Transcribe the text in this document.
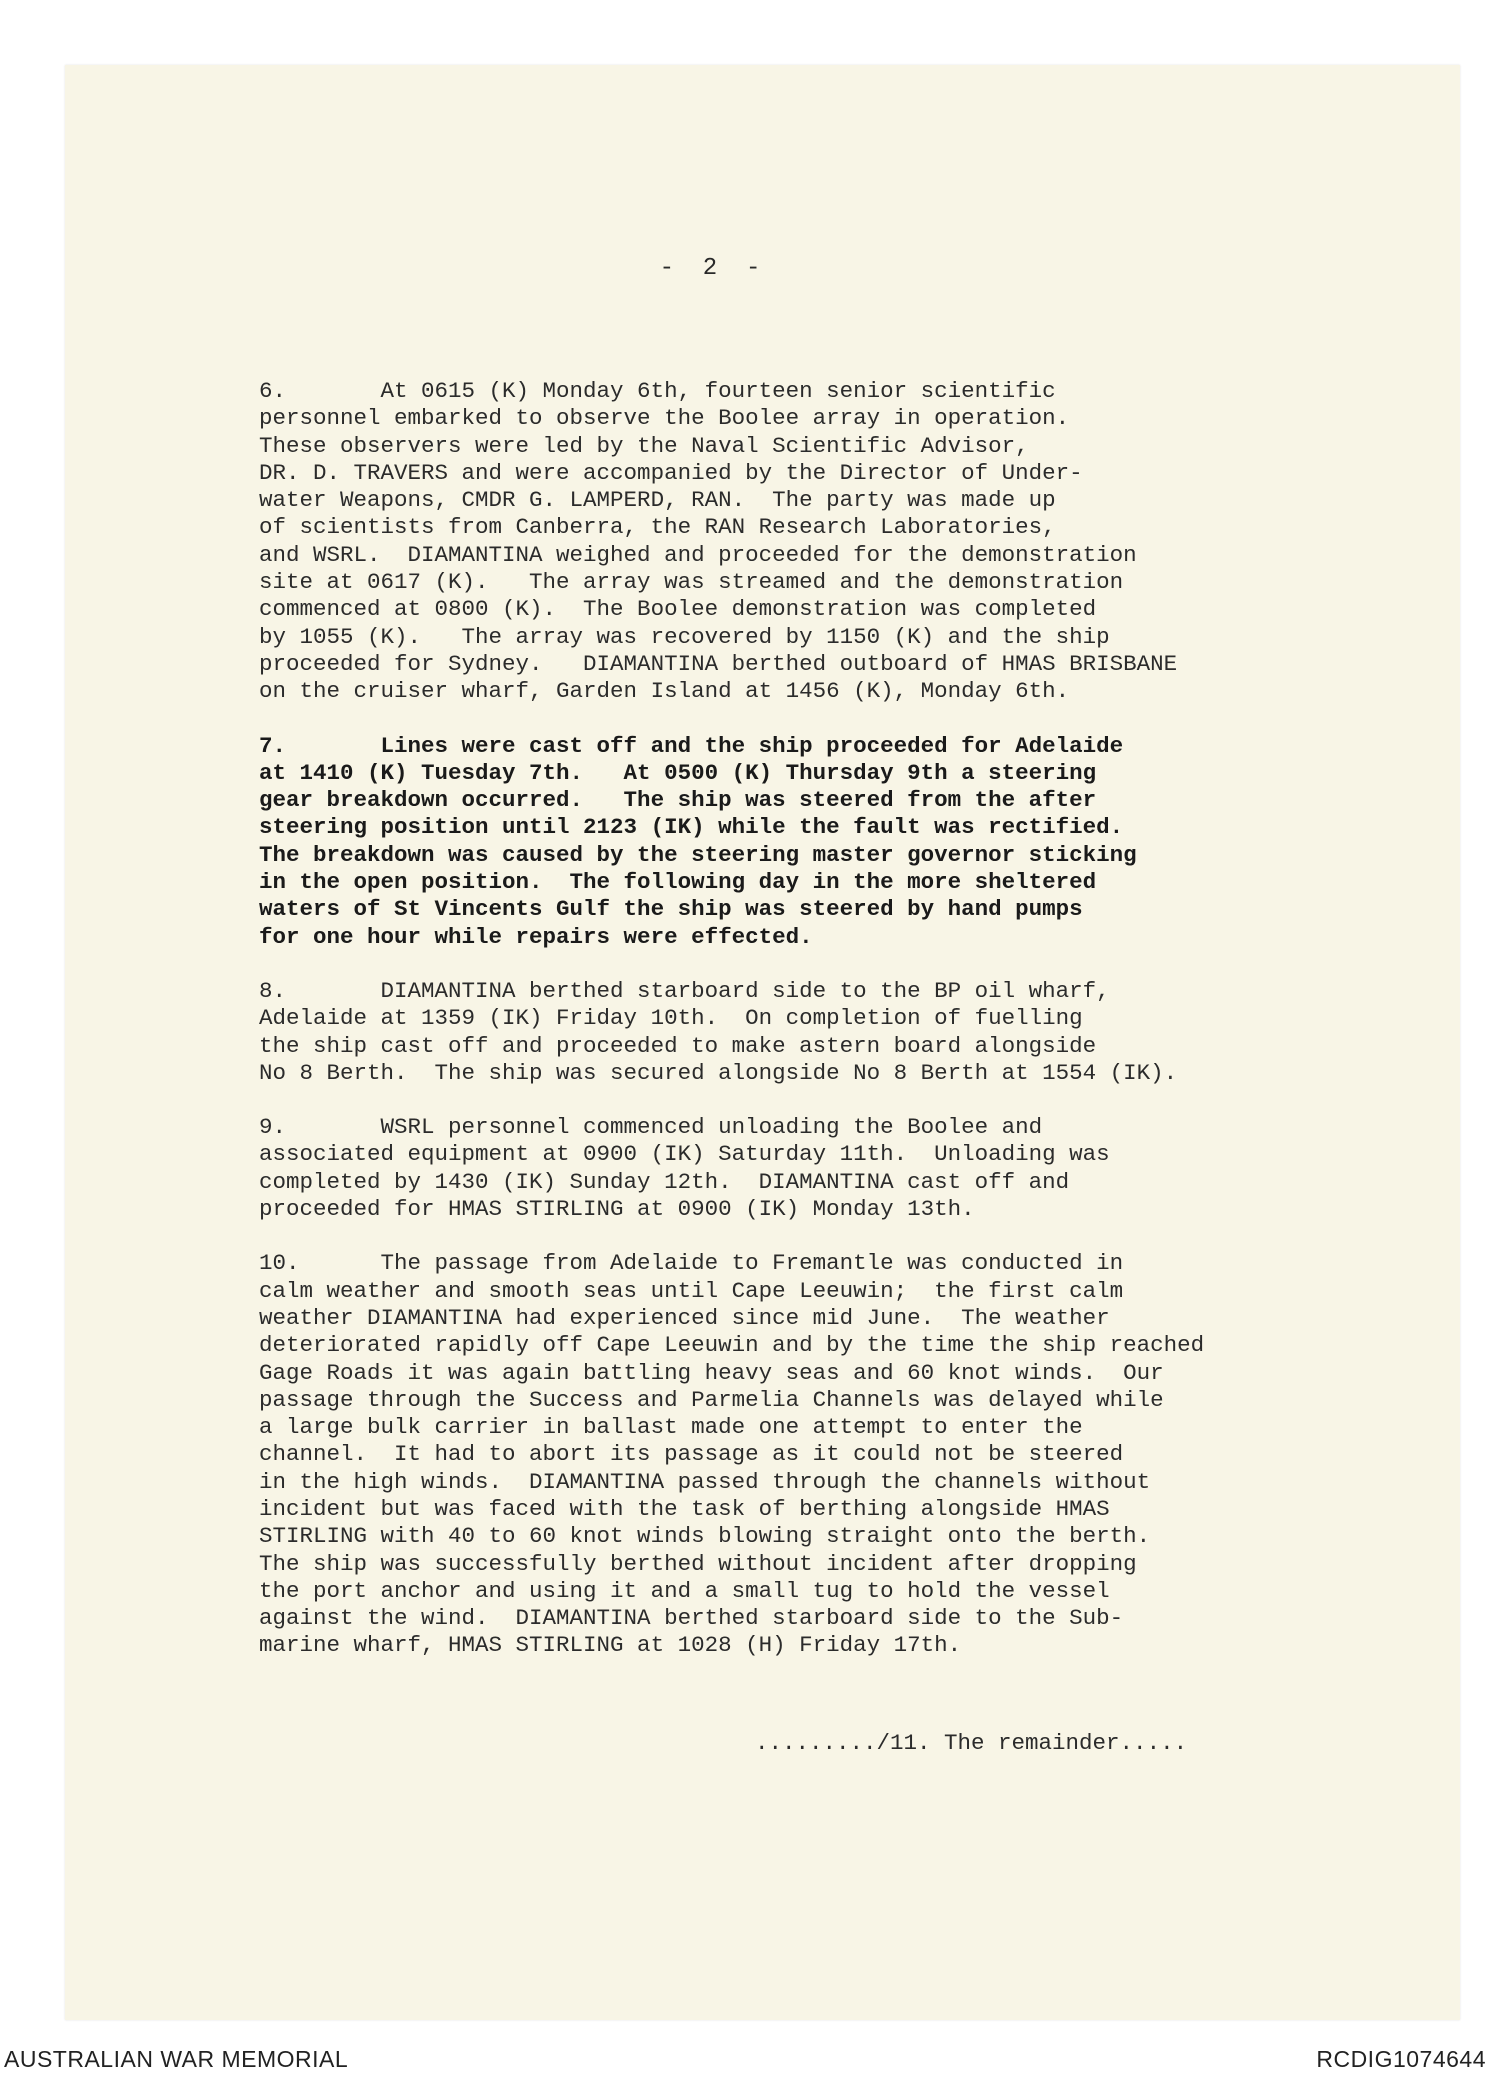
-  2  -
6.       At 0615 (K) Monday 6th, fourteen senior scientific
personnel embarked to observe the Boolee array in operation.
These observers were led by the Naval Scientific Advisor,
DR. D. TRAVERS and were accompanied by the Director of Under-
water Weapons, CMDR G. LAMPERD, RAN.  The party was made up
of scientists from Canberra, the RAN Research Laboratories,
and WSRL.  DIAMANTINA weighed and proceeded for the demonstration
site at 0617 (K).   The array was streamed and the demonstration
commenced at 0800 (K).  The Boolee demonstration was completed
by 1055 (K).   The array was recovered by 1150 (K) and the ship
proceeded for Sydney.   DIAMANTINA berthed outboard of HMAS BRISBANE
on the cruiser wharf, Garden Island at 1456 (K), Monday 6th.
7.       Lines were cast off and the ship proceeded for Adelaide
at 1410 (K) Tuesday 7th.   At 0500 (K) Thursday 9th a steering
gear breakdown occurred.   The ship was steered from the after
steering position until 2123 (IK) while the fault was rectified.
The breakdown was caused by the steering master governor sticking
in the open position.  The following day in the more sheltered
waters of St Vincents Gulf the ship was steered by hand pumps
for one hour while repairs were effected.
8.       DIAMANTINA berthed starboard side to the BP oil wharf,
Adelaide at 1359 (IK) Friday 10th.  On completion of fuelling
the ship cast off and proceeded to make astern board alongside
No 8 Berth.  The ship was secured alongside No 8 Berth at 1554 (IK).
9.       WSRL personnel commenced unloading the Boolee and
associated equipment at 0900 (IK) Saturday 11th.  Unloading was
completed by 1430 (IK) Sunday 12th.  DIAMANTINA cast off and
proceeded for HMAS STIRLING at 0900 (IK) Monday 13th.
10.      The passage from Adelaide to Fremantle was conducted in
calm weather and smooth seas until Cape Leeuwin;  the first calm
weather DIAMANTINA had experienced since mid June.  The weather
deteriorated rapidly off Cape Leeuwin and by the time the ship reached
Gage Roads it was again battling heavy seas and 60 knot winds.  Our
passage through the Success and Parmelia Channels was delayed while
a large bulk carrier in ballast made one attempt to enter the
channel.  It had to abort its passage as it could not be steered
in the high winds.  DIAMANTINA passed through the channels without
incident but was faced with the task of berthing alongside HMAS
STIRLING with 40 to 60 knot winds blowing straight onto the berth.
The ship was successfully berthed without incident after dropping
the port anchor and using it and a small tug to hold the vessel
against the wind.  DIAMANTINA berthed starboard side to the Sub-
marine wharf, HMAS STIRLING at 1028 (H) Friday 17th.
........./11. The remainder.....
AUSTRALIAN WAR MEMORIAL	RCDIG1074644
